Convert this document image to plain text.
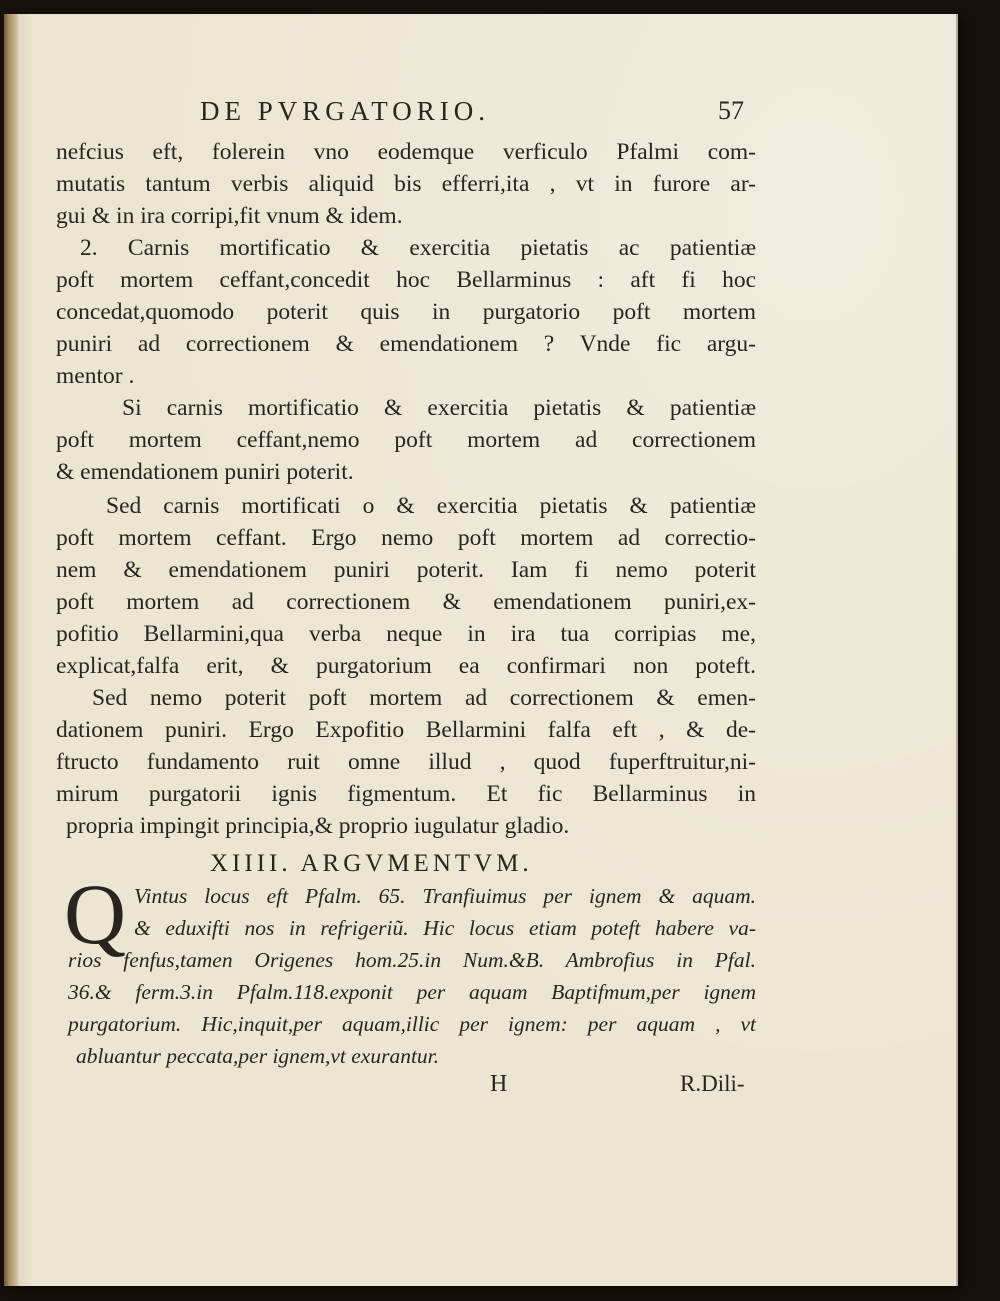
DE PVRGATORIO.	57
nefcius eft, folerein vno eodemque verficulo Pfalmi com-
mutatis tantum verbis aliquid bis efferri,ita , vt in furore ar-
gui & in ira corripi,fit vnum & idem.
2. Carnis mortificatio & exercitia pietatis ac patientiæ
poft mortem ceffant,concedit hoc Bellarminus : aft fi hoc
concedat,quomodo poterit quis in purgatorio poft mortem
puniri ad correctionem & emendationem ? Vnde fic argu-
mentor .
Si carnis mortificatio & exercitia pietatis & patientiæ
poft mortem ceffant,nemo poft mortem ad correctionem
& emendationem puniri poterit.
Sed carnis mortificati o & exercitia pietatis & patientiæ
poft mortem ceffant. Ergo nemo poft mortem ad correctio-
nem & emendationem puniri poterit. Iam fi nemo poterit
poft mortem ad correctionem & emendationem puniri,ex-
pofitio Bellarmini,qua verba neque in ira tua corripias me,
explicat,falfa erit, & purgatorium ea confirmari non poteft.
Sed nemo poterit poft mortem ad correctionem & emen-
dationem puniri. Ergo Expofitio Bellarmini falfa eft , & de-
ftructo fundamento ruit omne illud , quod fuperftruitur,ni-
mirum purgatorii ignis figmentum. Et fic Bellarminus in
propria impingit principia,& proprio iugulatur gladio.
XIIII. ARGVMENTVM.
Q Vintus locus eft Pfalm. 65. Tranfiuimus per ignem & aquam.
& eduxifti nos in refrigeriũ. Hic locus etiam poteft habere va-
rios fenfus,tamen Origenes hom.25.in Num.&B. Ambrofius in Pfal.
36.& ferm.3.in Pfalm.118.exponit per aquam Baptifmum,per ignem
purgatorium. Hic,inquit,per aquam,illic per ignem: per aquam , vt
abluantur peccata,per ignem,vt exurantur.
H	R.Dili-
